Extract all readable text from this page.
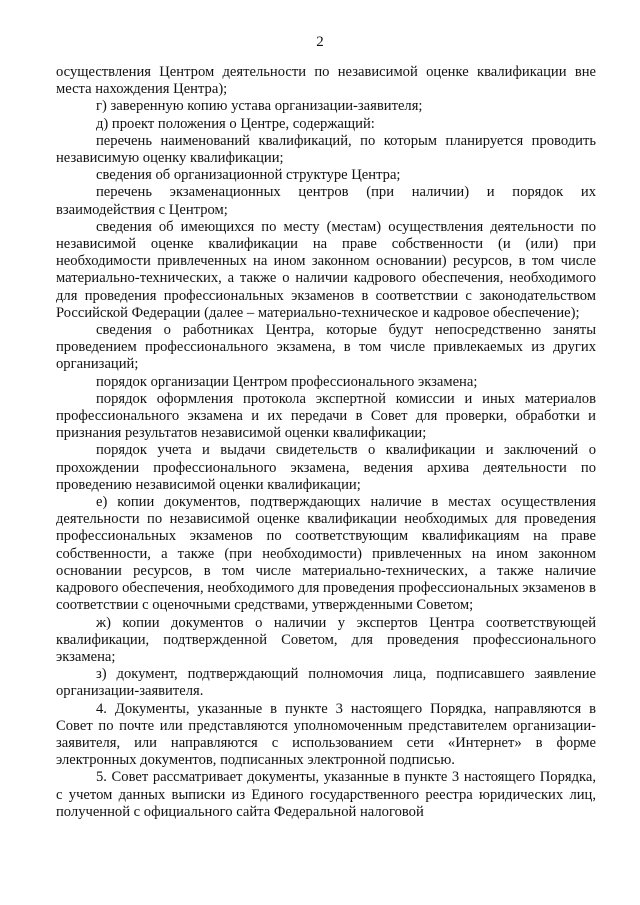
2

осуществления Центром деятельности по независимой оценке квалификации вне места нахождения Центра);

г) заверенную копию устава организации-заявителя;

д) проект положения о Центре, содержащий:

перечень наименований квалификаций, по которым планируется проводить независимую оценку квалификации;

сведения об организационной структуре Центра;

перечень экзаменационных центров (при наличии) и порядок их взаимодействия с Центром;

сведения об имеющихся по месту (местам) осуществления деятельности по независимой оценке квалификации на праве собственности (и (или) при необходимости привлеченных на ином законном основании) ресурсов, в том числе материально-технических, а также о наличии кадрового обеспечения, необходимого для проведения профессиональных экзаменов в соответствии с законодательством Российской Федерации (далее – материально-техническое и кадровое обеспечение);

сведения о работниках Центра, которые будут непосредственно заняты проведением профессионального экзамена, в том числе привлекаемых из других организаций;

порядок организации Центром профессионального экзамена;

порядок оформления протокола экспертной комиссии и иных материалов профессионального экзамена и их передачи в Совет для проверки, обработки и признания результатов независимой оценки квалификации;

порядок учета и выдачи свидетельств о квалификации и заключений о прохождении профессионального экзамена, ведения архива деятельности по проведению независимой оценки квалификации;

е) копии документов, подтверждающих наличие в местах осуществления деятельности по независимой оценке квалификации необходимых для проведения профессиональных экзаменов по соответствующим квалификациям на праве собственности, а также (при необходимости) привлеченных на ином законном основании ресурсов, в том числе материально-технических, а также наличие кадрового обеспечения, необходимого для проведения профессиональных экзаменов в соответствии с оценочными средствами, утвержденными Советом;

ж) копии документов о наличии у экспертов Центра соответствующей квалификации, подтвержденной Советом, для проведения профессионального экзамена;

з) документ, подтверждающий полномочия лица, подписавшего заявление организации-заявителя.

4. Документы, указанные в пункте 3 настоящего Порядка, направляются в Совет по почте или представляются уполномоченным представителем организации-заявителя, или направляются с использованием сети «Интернет» в форме электронных документов, подписанных электронной подписью.

5. Совет рассматривает документы, указанные в пункте 3 настоящего Порядка, с учетом данных выписки из Единого государственного реестра юридических лиц, полученной с официального сайта Федеральной налоговой
